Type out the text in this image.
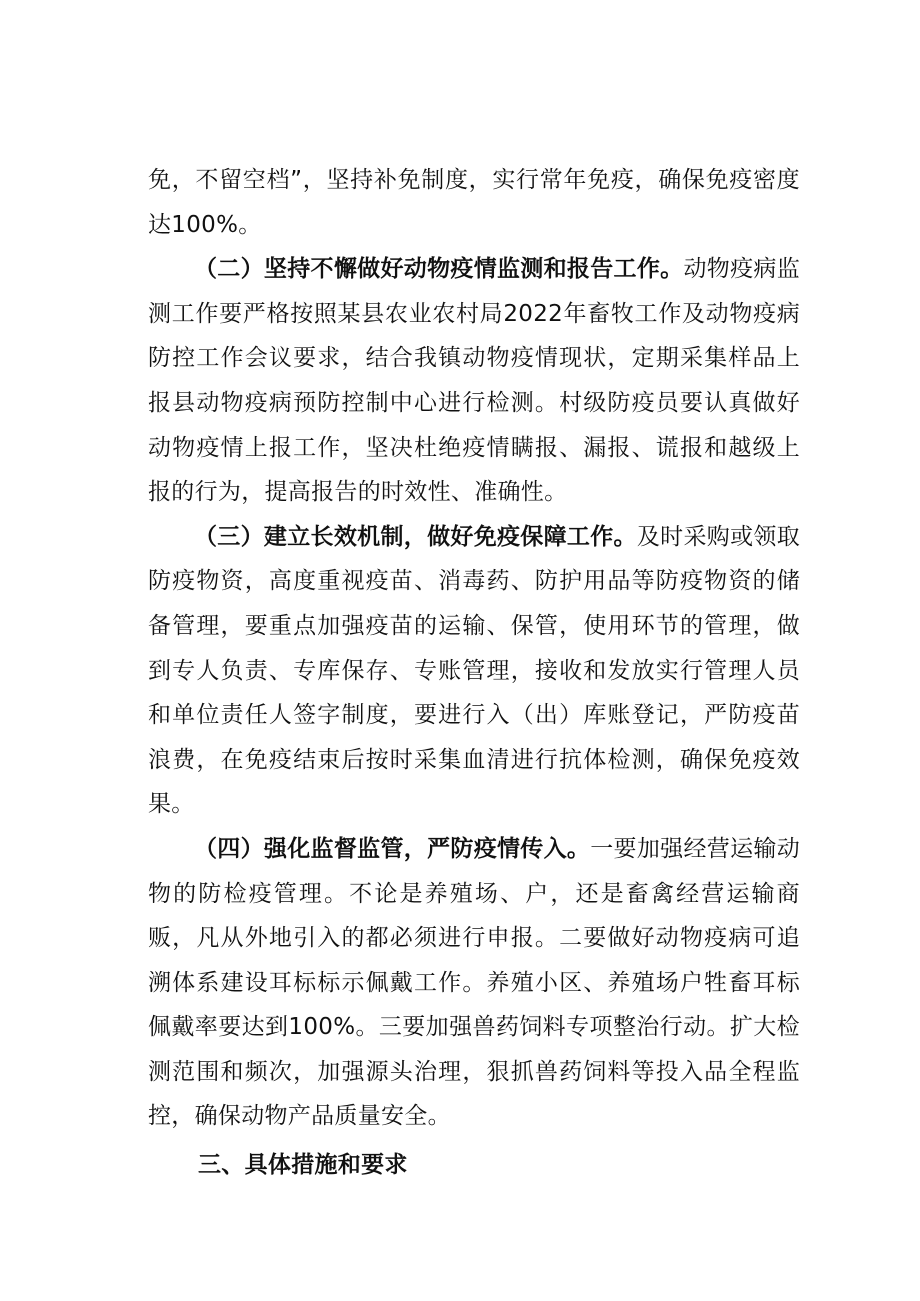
免，不留空档”，坚持补免制度，实行常年免疫，确保免疫密度达100%。

（二）坚持不懈做好动物疫情监测和报告工作。动物疫病监测工作要严格按照某县农业农村局2022年畜牧工作及动物疫病防控工作会议要求，结合我镇动物疫情现状，定期采集样品上报县动物疫病预防控制中心进行检测。村级防疫员要认真做好动物疫情上报工作，坚决杜绝疫情瞒报、漏报、谎报和越级上报的行为，提高报告的时效性、准确性。

（三）建立长效机制，做好免疫保障工作。及时采购或领取防疫物资，高度重视疫苗、消毒药、防护用品等防疫物资的储备管理，要重点加强疫苗的运输、保管，使用环节的管理，做到专人负责、专库保存、专账管理，接收和发放实行管理人员和单位责任人签字制度，要进行入（出）库账登记，严防疫苗浪费，在免疫结束后按时采集血清进行抗体检测，确保免疫效果。

（四）强化监督监管，严防疫情传入。一要加强经营运输动物的防检疫管理。不论是养殖场、户，还是畜禽经营运输商贩，凡从外地引入的都必须进行申报。二要做好动物疫病可追溯体系建设耳标标示佩戴工作。养殖小区、养殖场户牲畜耳标佩戴率要达到100%。三要加强兽药饲料专项整治行动。扩大检测范围和频次，加强源头治理，狠抓兽药饲料等投入品全程监控，确保动物产品质量安全。

三、具体措施和要求
